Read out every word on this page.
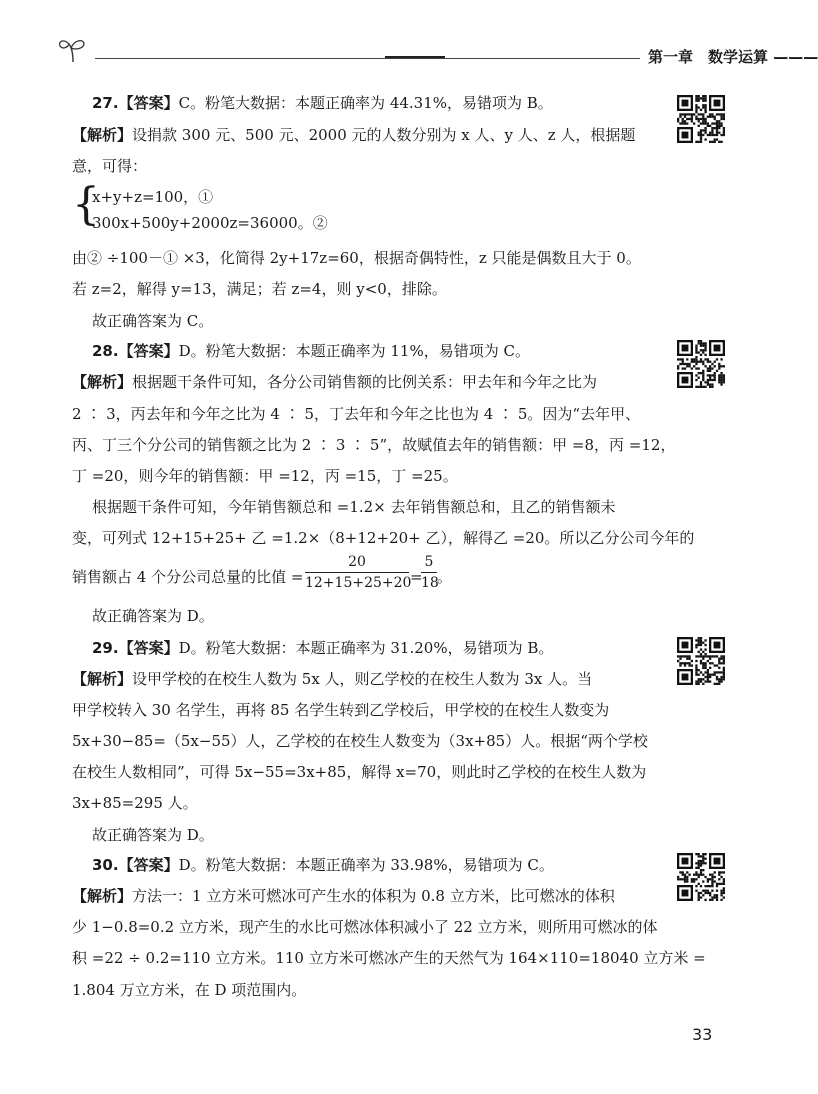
第一章　数学运算 ———
27.【答案】C。粉笔大数据：本题正确率为 44.31%，易错项为 B。
【解析】设捐款 300 元、500 元、2000 元的人数分别为 x 人、y 人、z 人，根据题
意，可得：
{
x+y+z=100，①
300x+500y+2000z=36000。②
由② ÷100－① ×3，化简得 2y+17z=60，根据奇偶特性，z 只能是偶数且大于 0。
若 z=2，解得 y=13，满足；若 z=4，则 y<0，排除。
故正确答案为 C。
28.【答案】D。粉笔大数据：本题正确率为 11%，易错项为 C。
【解析】根据题干条件可知，各分公司销售额的比例关系：甲去年和今年之比为
2 ∶ 3，丙去年和今年之比为 4 ∶ 5，丁去年和今年之比也为 4 ∶ 5。因为“去年甲、
丙、丁三个分公司的销售额之比为 2 ∶ 3 ∶ 5”，故赋值去年的销售额：甲 =8，丙 =12，
丁 =20，则今年的销售额：甲 =12，丙 =15，丁 =25。
根据题干条件可知，今年销售额总和 =1.2× 去年销售额总和，且乙的销售额未
变，可列式 12+15+25+ 乙 =1.2×（8+12+20+ 乙），解得乙 =20。所以乙分公司今年的
销售额占 4 个分公司总量的比值 =
20
12+15+25+20
=
5
18
。
故正确答案为 D。
29.【答案】D。粉笔大数据：本题正确率为 31.20%，易错项为 B。
【解析】设甲学校的在校生人数为 5x 人，则乙学校的在校生人数为 3x 人。当
甲学校转入 30 名学生，再将 85 名学生转到乙学校后，甲学校的在校生人数变为
5x+30−85=（5x−55）人，乙学校的在校生人数变为（3x+85）人。根据“两个学校
在校生人数相同”，可得 5x−55=3x+85，解得 x=70，则此时乙学校的在校生人数为
3x+85=295 人。
故正确答案为 D。
30.【答案】D。粉笔大数据：本题正确率为 33.98%，易错项为 C。
【解析】方法一：1 立方米可燃冰可产生水的体积为 0.8 立方米，比可燃冰的体积
少 1−0.8=0.2 立方米，现产生的水比可燃冰体积减小了 22 立方米，则所用可燃冰的体
积 =22 ÷ 0.2=110 立方米。110 立方米可燃冰产生的天然气为 164×110=18040 立方米 =
1.804 万立方米，在 D 项范围内。
33
